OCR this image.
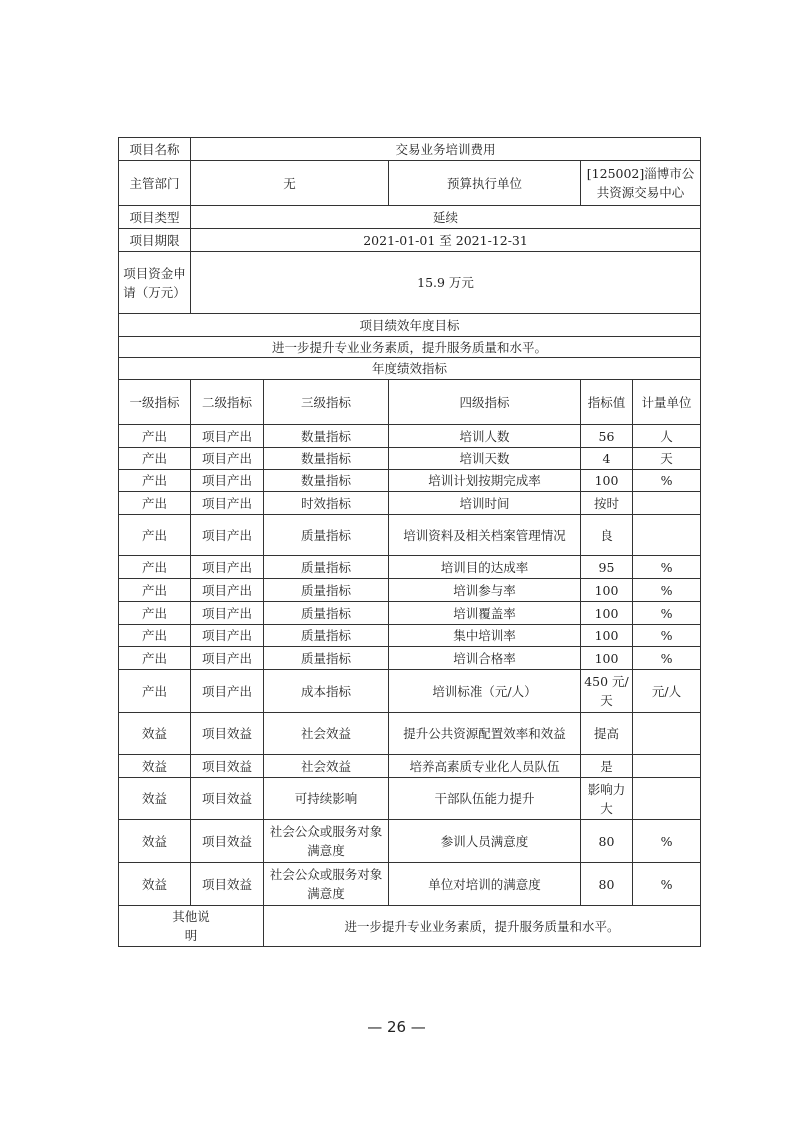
项目名称	交易业务培训费用				
主管部门	无		预算执行单位	[125002]淄博市公共资源交易中心	
项目类型	延续				
项目期限	2021-01-01 至 2021-12-31				
项目资金申请（万元）	15.9 万元				
项目绩效年度目标					
进一步提升专业业务素质，提升服务质量和水平。					
年度绩效指标					
一级指标	二级指标	三级指标	四级指标	指标值	计量单位
产出	项目产出	数量指标	培训人数	56	人
产出	项目产出	数量指标	培训天数	4	天
产出	项目产出	数量指标	培训计划按期完成率	100	%
产出	项目产出	时效指标	培训时间	按时	
产出	项目产出	质量指标	培训资料及相关档案管理情况	良	
产出	项目产出	质量指标	培训目的达成率	95	%
产出	项目产出	质量指标	培训参与率	100	%
产出	项目产出	质量指标	培训覆盖率	100	%
产出	项目产出	质量指标	集中培训率	100	%
产出	项目产出	质量指标	培训合格率	100	%
产出	项目产出	成本指标	培训标准（元/人）	450 元/天	元/人
效益	项目效益	社会效益	提升公共资源配置效率和效益	提高	
效益	项目效益	社会效益	培养高素质专业化人员队伍	是	
效益	项目效益	可持续影响	干部队伍能力提升	影响力大	
效益	项目效益	社会公众或服务对象满意度	参训人员满意度	80	%
效益	项目效益	社会公众或服务对象满意度	单位对培训的满意度	80	%
其他说明		进一步提升专业业务素质，提升服务质量和水平。			
— 26 —
